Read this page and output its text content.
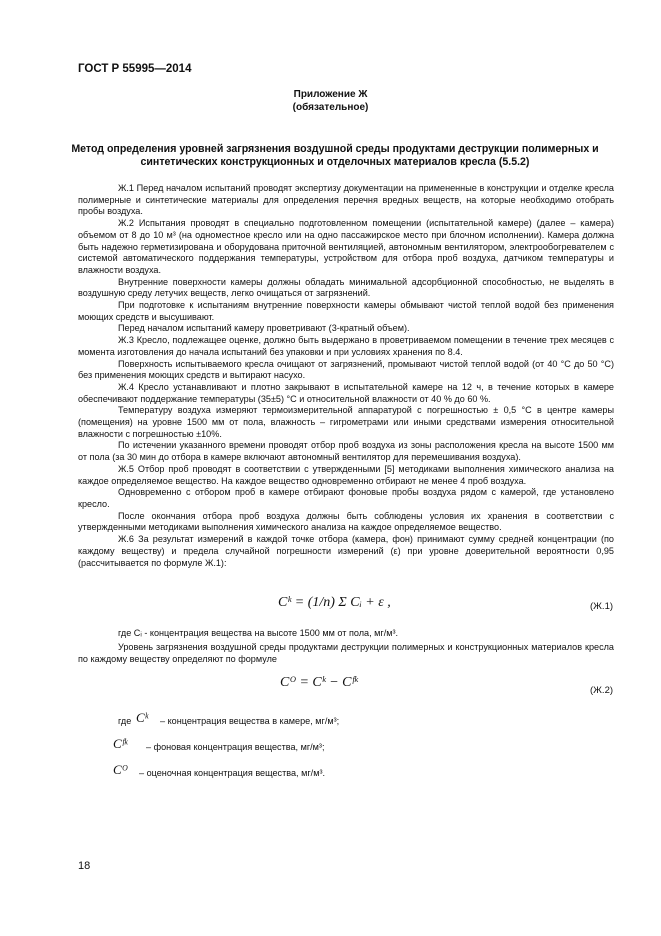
ГОСТ Р 55995—2014
Приложение Ж
(обязательное)
Метод определения уровней загрязнения воздушной среды продуктами деструкции полимерных и синтетических конструкционных и отделочных материалов кресла (5.5.2)

Ж.1 Перед началом испытаний проводят экспертизу документации на примененные в конструкции и отделке кресла полимерные и синтетические материалы для определения перечня вредных веществ, на которые необходимо отобрать пробы воздуха.

Ж.2 Испытания проводят в специально подготовленном помещении (испытательной камере) (далее – камера) объемом от 8 до 10 м³ (на одноместное кресло или на одно пассажирское место при блочном исполнении). Камера должна быть надежно герметизирована и оборудована приточной вентиляцией, автономным вентилятором, электрообогревателем с системой автоматического поддержания температуры, устройством для отбора проб воздуха, датчиком температуры и влажности воздуха.

Внутренние поверхности камеры должны обладать минимальной адсорбционной способностью, не выделять в воздушную среду летучих веществ, легко очищаться от загрязнений.

При подготовке к испытаниям внутренние поверхности камеры обмывают чистой теплой водой без применения моющих средств и высушивают.

Перед началом испытаний камеру проветривают (3-кратный объем).

Ж.3 Кресло, подлежащее оценке, должно быть выдержано в проветриваемом помещении в течение трех месяцев с момента изготовления до начала испытаний без упаковки и при условиях хранения по 8.4.

Поверхность испытываемого кресла очищают от загрязнений, промывают чистой теплой водой (от 40 °С до 50 °С) без применения моющих средств и вытирают насухо.

Ж.4 Кресло устанавливают и плотно закрывают в испытательной камере на 12 ч, в течение которых в камере обеспечивают поддержание температуры (35±5) °С и относительной влажности от 40 % до 60 %.

Температуру воздуха измеряют термоизмерительной аппаратурой с погрешностью ± 0,5 °С в центре камеры (помещения) на уровне 1500 мм от пола, влажность – гигрометрами или иными средствами измерения относительной влажности с погрешностью ±10%.

По истечении указанного времени проводят отбор проб воздуха из зоны расположения кресла на высоте 1500 мм от пола (за 30 мин до отбора в камере включают автономный вентилятор для перемешивания воздуха).

Ж.5 Отбор проб проводят в соответствии с утвержденными [5] методиками выполнения химического анализа на каждое определяемое вещество. На каждое вещество одновременно отбирают не менее 4 проб воздуха.

Одновременно с отбором проб в камере отбирают фоновые пробы воздуха рядом с камерой, где установлено кресло.

После окончания отбора проб воздуха должны быть соблюдены условия их хранения в соответствии с утвержденными методиками выполнения химического анализа на каждое определяемое вещество.

Ж.6 За результат измерений в каждой точке отбора (камера, фон) принимают сумму средней концентрации (по каждому веществу) и предела случайной погрешности измерений (ε) при уровне доверительной вероятности 0,95 (рассчитывается по формуле Ж.1):

Cᵏ = (1/n) Σ Cᵢ + ε ,	(Ж.1)
где Сᵢ - концентрация вещества на высоте 1500 мм от пола, мг/м³.
Уровень загрязнения воздушной среды продуктами деструкции полимерных и конструкционных материалов кресла по каждому веществу определяют по формуле
Cᴼ = Cᵏ − Cᶠᵏ
(Ж.2)
где Cᵏ – концентрация вещества в камере, мг/м³;
Cᶠᵏ – фоновая концентрация вещества, мг/м³;
Cᴼ – оценочная концентрация вещества, мг/м³.
18
